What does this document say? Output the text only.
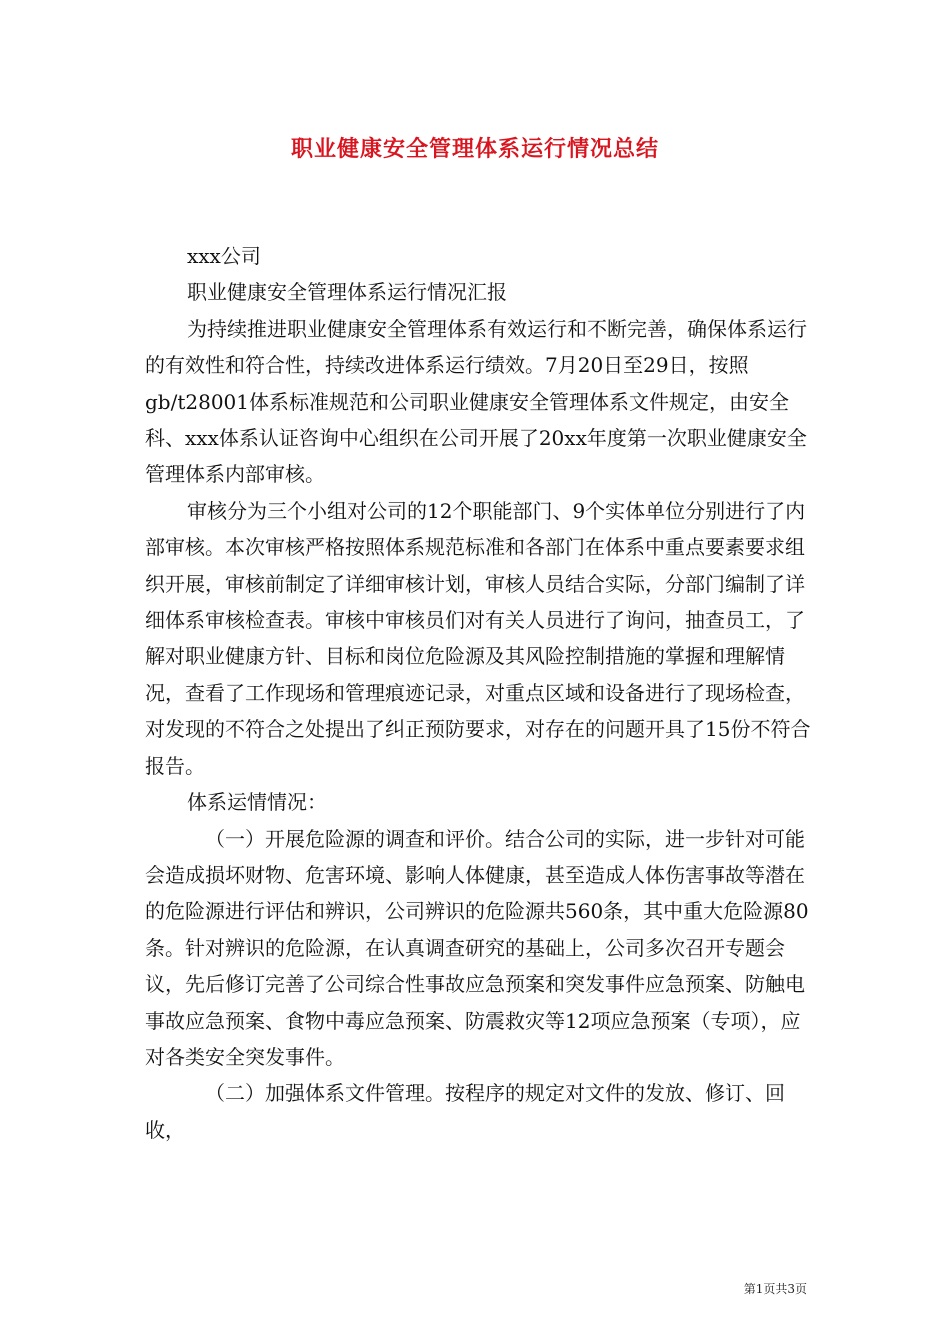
职业健康安全管理体系运行情况总结

xxx公司

职业健康安全管理体系运行情况汇报

为持续推进职业健康安全管理体系有效运行和不断完善，确保体系运行的有效性和符合性，持续改进体系运行绩效。7月20日至29日，按照gb/t28001体系标准规范和公司职业健康安全管理体系文件规定，由安全科、xxx体系认证咨询中心组织在公司开展了20xx年度第一次职业健康安全管理体系内部审核。

审核分为三个小组对公司的12个职能部门、9个实体单位分别进行了内部审核。本次审核严格按照体系规范标准和各部门在体系中重点要素要求组织开展，审核前制定了详细审核计划，审核人员结合实际，分部门编制了详细体系审核检查表。审核中审核员们对有关人员进行了询问，抽查员工，了解对职业健康方针、目标和岗位危险源及其风险控制措施的掌握和理解情况，查看了工作现场和管理痕迹记录，对重点区域和设备进行了现场检查，对发现的不符合之处提出了纠正预防要求，对存在的问题开具了15份不符合报告。

体系运情情况：

（一）开展危险源的调查和评价。结合公司的实际，进一步针对可能会造成损坏财物、危害环境、影响人体健康，甚至造成人体伤害事故等潜在的危险源进行评估和辨识，公司辨识的危险源共560条，其中重大危险源80条。针对辨识的危险源，在认真调查研究的基础上，公司多次召开专题会议，先后修订完善了公司综合性事故应急预案和突发事件应急预案、防触电事故应急预案、食物中毒应急预案、防震救灾等12项应急预案（专项），应对各类安全突发事件。

（二）加强体系文件管理。按程序的规定对文件的发放、修订、回收，

第1页共3页
